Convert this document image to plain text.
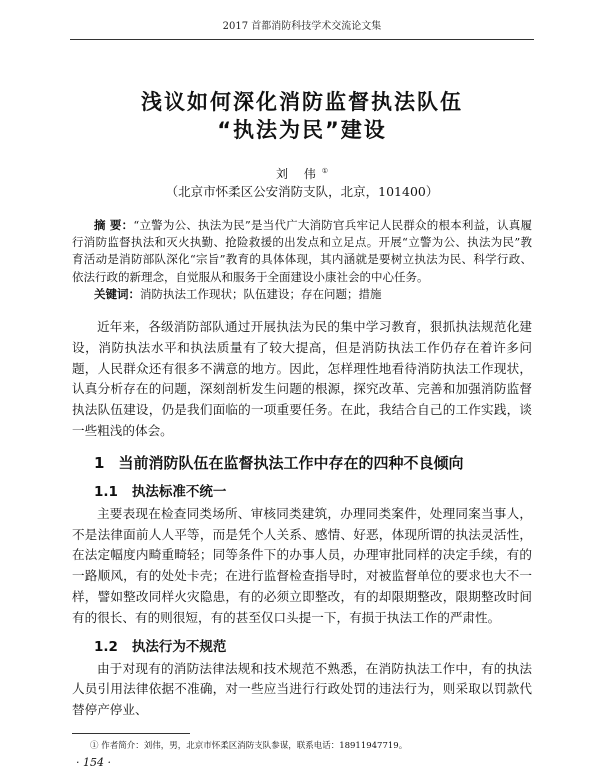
2017 首都消防科技学术交流论文集
浅议如何深化消防监督执法队伍
“执法为民”建设
刘 伟①
（北京市怀柔区公安消防支队，北京，101400）
摘 要：“立警为公、执法为民”是当代广大消防官兵牢记人民群众的根本利益，认真履行消防监督执法和灭火执勤、抢险救援的出发点和立足点。开展“立警为公、执法为民”教育活动是消防部队深化“宗旨”教育的具体体现，其内涵就是要树立执法为民、科学行政、依法行政的新理念，自觉服从和服务于全面建设小康社会的中心任务。
关键词：消防执法工作现状；队伍建设；存在问题；措施
近年来，各级消防部队通过开展执法为民的集中学习教育，狠抓执法规范化建设，消防执法水平和执法质量有了较大提高，但是消防执法工作仍存在着许多问题，人民群众还有很多不满意的地方。因此，怎样理性地看待消防执法工作现状，认真分析存在的问题，深刻剖析发生问题的根源，探究改革、完善和加强消防监督执法队伍建设，仍是我们面临的一项重要任务。在此，我结合自己的工作实践，谈一些粗浅的体会。
1 当前消防队伍在监督执法工作中存在的四种不良倾向
1.1 执法标准不统一
主要表现在检查同类场所、审核同类建筑，办理同类案件，处理同案当事人，不是法律面前人人平等，而是凭个人关系、感情、好恶，体现所谓的执法灵活性，在法定幅度内畸重畸轻；同等条件下的办事人员，办理审批同样的决定手续，有的一路顺风，有的处处卡壳；在进行监督检查指导时，对被监督单位的要求也大不一样，譬如整改同样火灾隐患，有的必须立即整改，有的却限期整改，限期整改时间有的很长、有的则很短，有的甚至仅口头提一下，有损于执法工作的严肃性。
1.2 执法行为不规范
由于对现有的消防法律法规和技术规范不熟悉，在消防执法工作中，有的执法人员引用法律依据不准确，对一些应当进行行政处罚的违法行为，则采取以罚款代替停产停业、
① 作者简介：刘伟，男，北京市怀柔区消防支队参谋，联系电话：18911947719。
· 154 ·
